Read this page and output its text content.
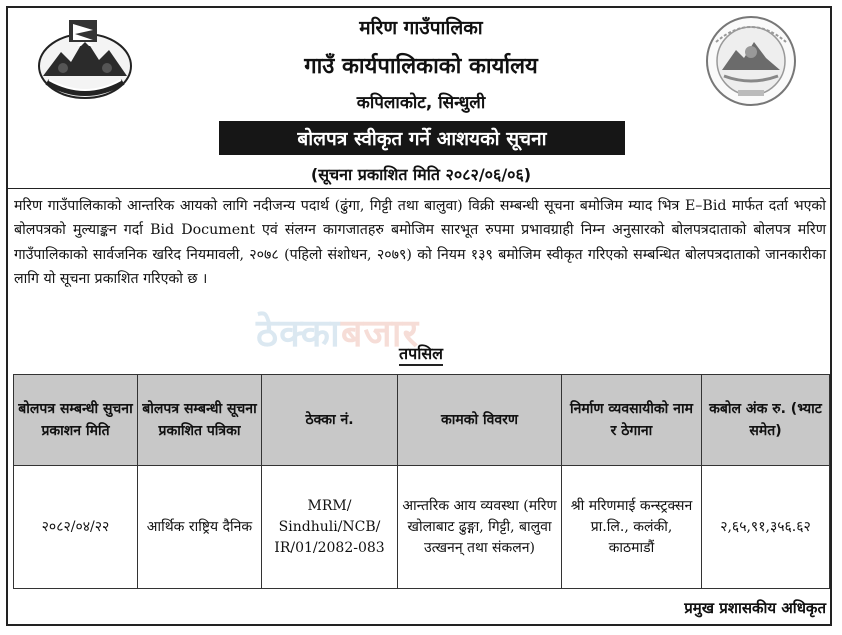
मरिण गाउँपालिका
गाउँ कार्यपालिकाको कार्यालय
कपिलाकोट, सिन्धुली
बोलपत्र स्वीकृत गर्ने आशयको सूचना
(सूचना प्रकाशित मिति २०८२/०६/०६)
मरिण गाउँपालिकाको आन्तरिक आयको लागि नदीजन्य पदार्थ (ढुंगा, गिट्टी तथा बालुवा) विक्री सम्बन्धी सूचना बमोजिम म्याद भित्र E–Bid मार्फत दर्ता भएको बोलपत्रको मुल्याङ्कन गर्दा Bid Document एवं संलग्न कागजातहरु बमोजिम सारभूत रुपमा प्रभावग्राही निम्न अनुसारको बोलपत्रदाताको बोलपत्र मरिण गाउँपालिकाको सार्वजनिक खरिद नियमावली, २०७८ (पहिलो संशोधन, २०७९) को नियम १३९ बमोजिम स्वीकृत गरिएको सम्बन्धित बोलपत्रदाताको जानकारीका लागि यो सूचना प्रकाशित गरिएको छ ।
ठेक्काबजार
तपसिल
बोलपत्र सम्बन्धी सुचना प्रकाशन मिति	बोलपत्र सम्बन्धी सूचना प्रकाशित पत्रिका	ठेक्का नं.	कामको विवरण	निर्माण व्यवसायीको नाम र ठेगाना	कबोल अंक रु. (भ्याट समेत)
२०८२/०४/२२	आर्थिक राष्ट्रिय दैनिक	MRM/ Sindhuli/NCB/ IR/01/2082-083	आन्तरिक आय व्यवस्था (मरिण खोलाबाट ढुङ्गा, गिट्टी, बालुवा उत्खनन् तथा संकलन)	श्री मरिणमाई कन्स्ट्रक्सन प्रा.लि., कलंकी, काठमाडौं	२,६५,९१,३५६.६२
प्रमुख प्रशासकीय अधिकृत
